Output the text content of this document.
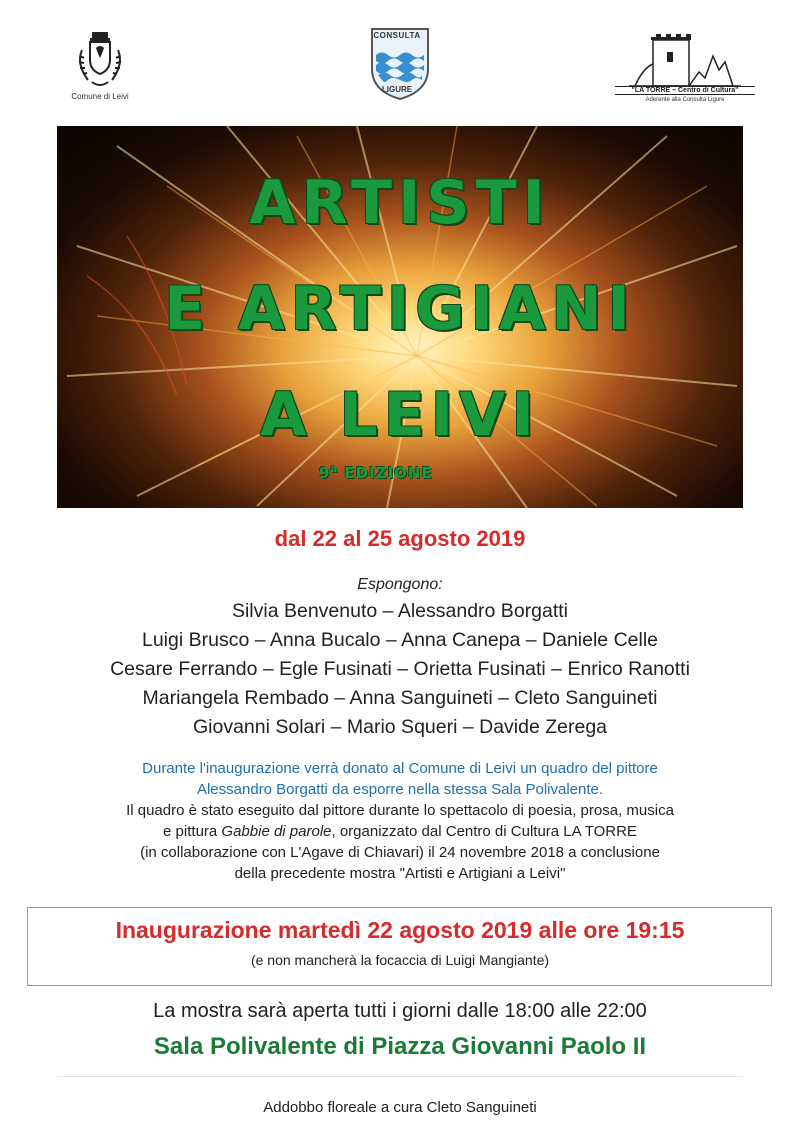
Comune di Leivi
CONSULTA
LIGURE	"LA TORRE – Centro di Cultura"
Aderente alla Consulta Ligure
ARTISTI
E ARTIGIANI
A LEIVI
9$^a$ EDIZIONE
dal 22 al 25 agosto 2019
Espongono:
Silvia Benvenuto – Alessandro Borgatti
Luigi Brusco – Anna Bucalo – Anna Canepa – Daniele Celle
Cesare Ferrando – Egle Fusinati – Orietta Fusinati – Enrico Ranotti
Mariangela Rembado – Anna Sanguineti – Cleto Sanguineti
Giovanni Solari – Mario Squeri – Davide Zerega
Durante l'inaugurazione verrà donato al Comune di Leivi un quadro del pittore
Alessandro Borgatti da esporre nella stessa Sala Polivalente.
Il quadro è stato eseguito dal pittore durante lo spettacolo di poesia, prosa, musica
e pittura Gabbie di parole, organizzato dal Centro di Cultura LA TORRE
(in collaborazione con L'Agave di Chiavari) il 24 novembre 2018 a conclusione
della precedente mostra "Artisti e Artigiani a Leivi"
Inaugurazione martedì 22 agosto 2019 alle ore 19:15
(e non mancherà la focaccia di Luigi Mangiante)
La mostra sarà aperta tutti i giorni dalle 18:00 alle 22:00
Sala Polivalente di Piazza Giovanni Paolo II
Addobbo floreale a cura Cleto Sanguineti
